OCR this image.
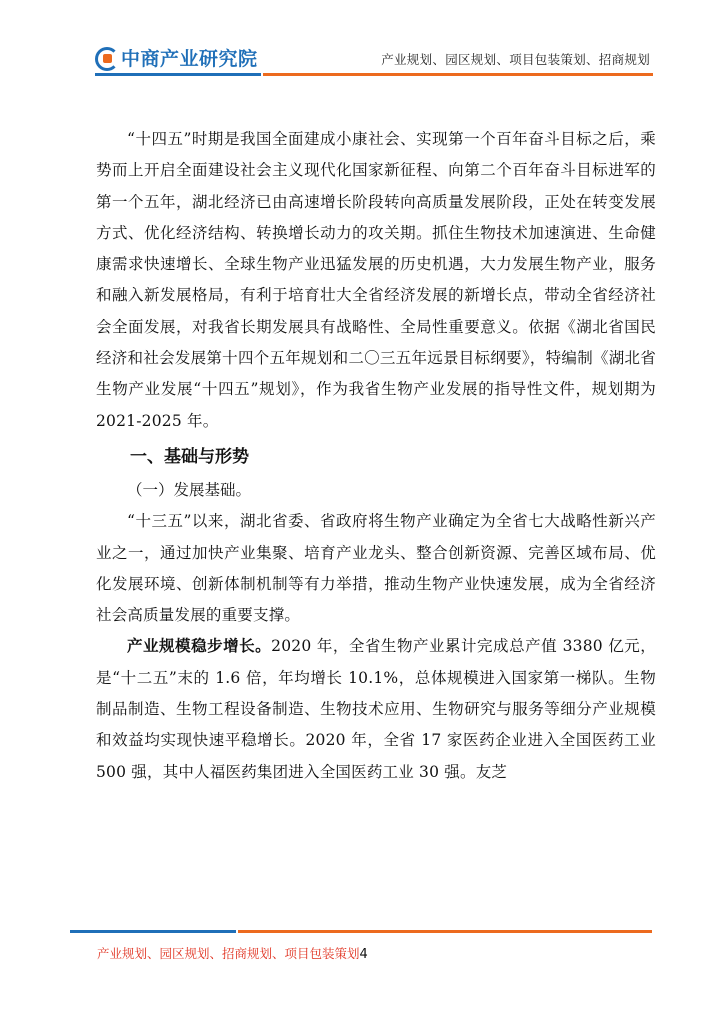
中商产业研究院	产业规划、园区规划、项目包装策划、招商规划

“十四五”时期是我国全面建成小康社会、实现第一个百年奋斗目标之后，乘势而上开启全面建设社会主义现代化国家新征程、向第二个百年奋斗目标进军的第一个五年，湖北经济已由高速增长阶段转向高质量发展阶段，正处在转变发展方式、优化经济结构、转换增长动力的攻关期。抓住生物技术加速演进、生命健康需求快速增长、全球生物产业迅猛发展的历史机遇，大力发展生物产业，服务和融入新发展格局，有利于培育壮大全省经济发展的新增长点，带动全省经济社会全面发展，对我省长期发展具有战略性、全局性重要意义。依据《湖北省国民经济和社会发展第十四个五年规划和二〇三五年远景目标纲要》，特编制《湖北省生物产业发展“十四五”规划》，作为我省生物产业发展的指导性文件，规划期为 2021-2025 年。

一、基础与形势

（一）发展基础。

“十三五”以来，湖北省委、省政府将生物产业确定为全省七大战略性新兴产业之一，通过加快产业集聚、培育产业龙头、整合创新资源、完善区域布局、优化发展环境、创新体制机制等有力举措，推动生物产业快速发展，成为全省经济社会高质量发展的重要支撑。

产业规模稳步增长。2020 年，全省生物产业累计完成总产值 3380 亿元，是“十二五”末的 1.6 倍，年均增长 10.1%，总体规模进入国家第一梯队。生物制品制造、生物工程设备制造、生物技术应用、生物研究与服务等细分产业规模和效益均实现快速平稳增长。2020 年，全省 17 家医药企业进入全国医药工业 500 强，其中人福医药集团进入全国医药工业 30 强。友芝

产业规划、园区规划、招商规划、项目包装策划4
